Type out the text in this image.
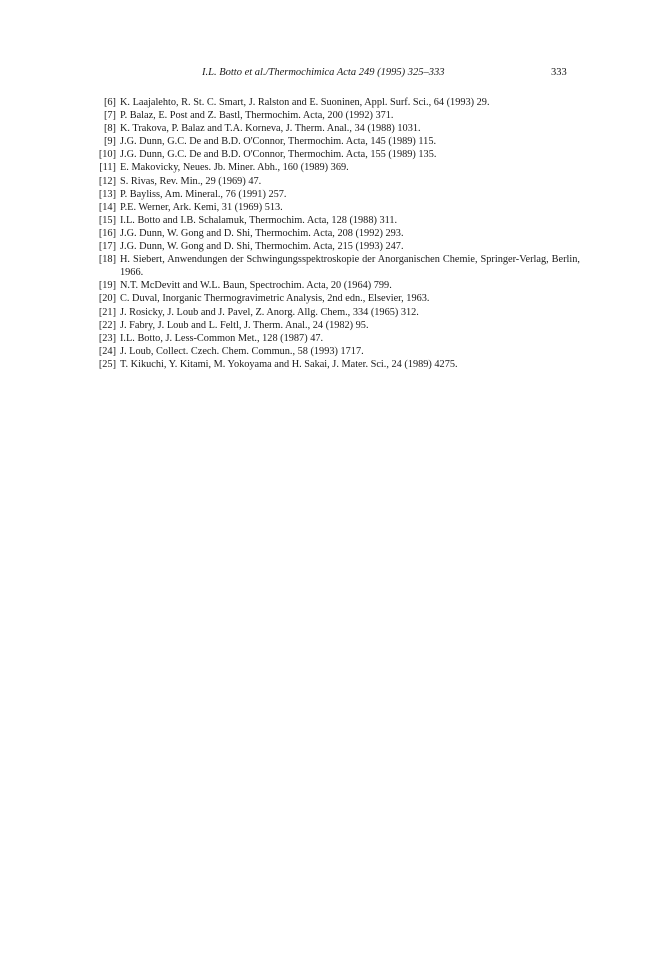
I.L. Botto et al./Thermochimica Acta 249 (1995) 325–333	333
[6] K. Laajalehto, R. St. C. Smart, J. Ralston and E. Suoninen, Appl. Surf. Sci., 64 (1993) 29.
[7] P. Balaz, E. Post and Z. Bastl, Thermochim. Acta, 200 (1992) 371.
[8] K. Trakova, P. Balaz and T.A. Korneva, J. Therm. Anal., 34 (1988) 1031.
[9] J.G. Dunn, G.C. De and B.D. O'Connor, Thermochim. Acta, 145 (1989) 115.
[10] J.G. Dunn, G.C. De and B.D. O'Connor, Thermochim. Acta, 155 (1989) 135.
[11] E. Makovicky, Neues. Jb. Miner. Abh., 160 (1989) 369.
[12] S. Rivas, Rev. Min., 29 (1969) 47.
[13] P. Bayliss, Am. Mineral., 76 (1991) 257.
[14] P.E. Werner, Ark. Kemi, 31 (1969) 513.
[15] I.L. Botto and I.B. Schalamuk, Thermochim. Acta, 128 (1988) 311.
[16] J.G. Dunn, W. Gong and D. Shi, Thermochim. Acta, 208 (1992) 293.
[17] J.G. Dunn, W. Gong and D. Shi, Thermochim. Acta, 215 (1993) 247.
[18] H. Siebert, Anwendungen der Schwingungsspektroskopie der Anorganischen Chemie, Springer-Verlag, Berlin, 1966.
[19] N.T. McDevitt and W.L. Baun, Spectrochim. Acta, 20 (1964) 799.
[20] C. Duval, Inorganic Thermogravimetric Analysis, 2nd edn., Elsevier, 1963.
[21] J. Rosicky, J. Loub and J. Pavel, Z. Anorg. Allg. Chem., 334 (1965) 312.
[22] J. Fabry, J. Loub and L. Feltl, J. Therm. Anal., 24 (1982) 95.
[23] I.L. Botto, J. Less-Common Met., 128 (1987) 47.
[24] J. Loub, Collect. Czech. Chem. Commun., 58 (1993) 1717.
[25] T. Kikuchi, Y. Kitami, M. Yokoyama and H. Sakai, J. Mater. Sci., 24 (1989) 4275.
